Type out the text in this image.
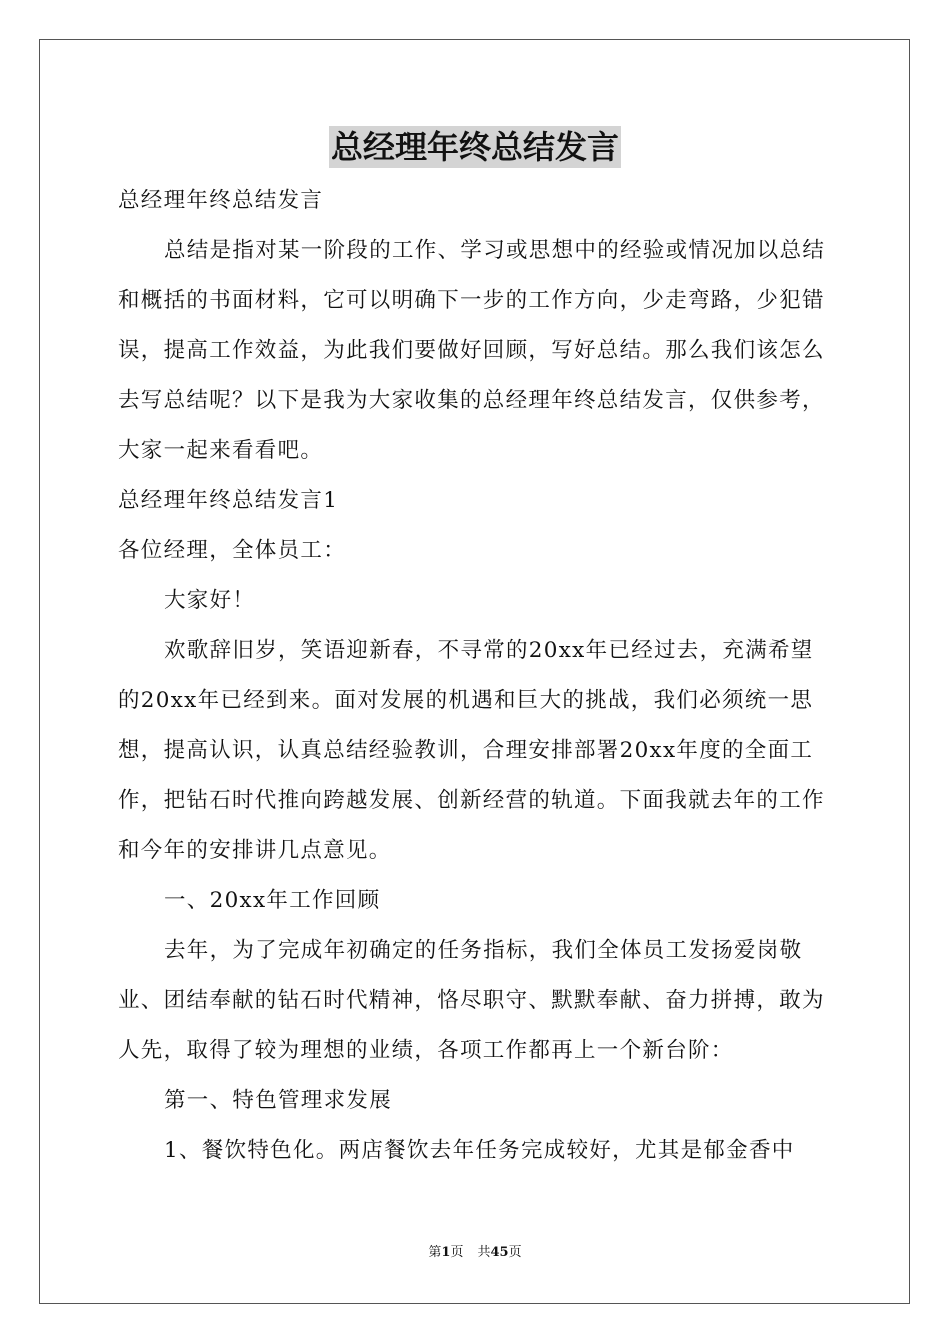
总经理年终总结发言

总经理年终总结发言

总结是指对某一阶段的工作、学习或思想中的经验或情况加以总结和概括的书面材料，它可以明确下一步的工作方向，少走弯路，少犯错误，提高工作效益，为此我们要做好回顾，写好总结。那么我们该怎么去写总结呢？以下是我为大家收集的总经理年终总结发言，仅供参考，大家一起来看看吧。

总经理年终总结发言1

各位经理，全体员工：

大家好！

欢歌辞旧岁，笑语迎新春，不寻常的20xx年已经过去，充满希望的20xx年已经到来。面对发展的机遇和巨大的挑战，我们必须统一思想，提高认识，认真总结经验教训，合理安排部署20xx年度的全面工作，把钻石时代推向跨越发展、创新经营的轨道。下面我就去年的工作和今年的安排讲几点意见。

一、20xx年工作回顾

去年，为了完成年初确定的任务指标，我们全体员工发扬爱岗敬业、团结奉献的钻石时代精神，恪尽职守、默默奉献、奋力拼搏，敢为人先，取得了较为理想的业绩，各项工作都再上一个新台阶：

第一、特色管理求发展

1、餐饮特色化。两店餐饮去年任务完成较好，尤其是郁金香中

第1页 共45页
